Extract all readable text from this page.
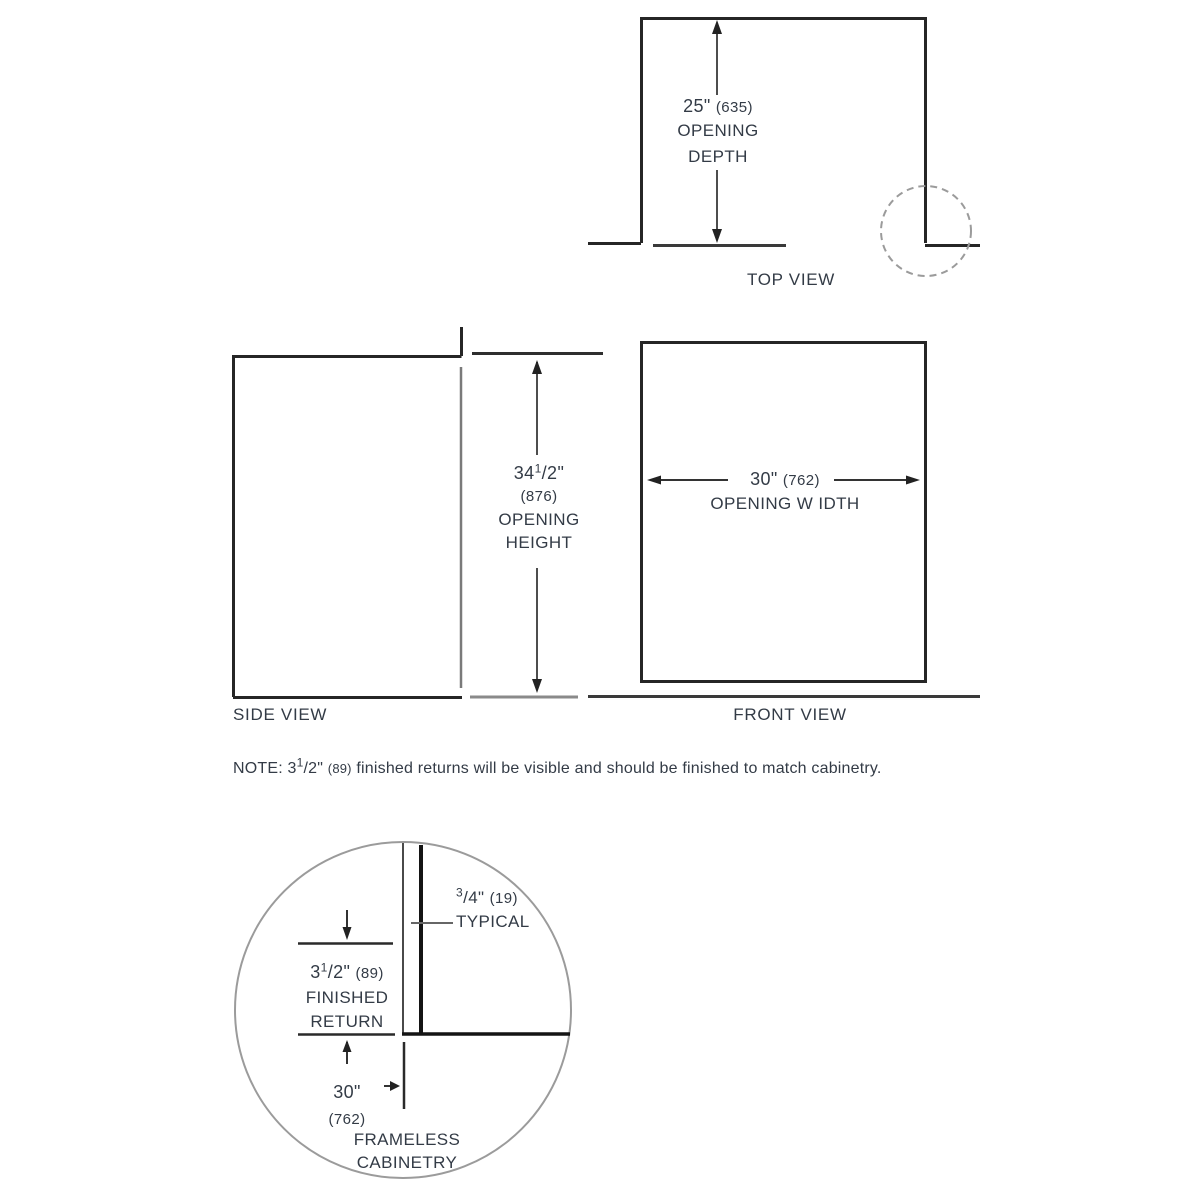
25" (635)
OPENING
DEPTH
TOP VIEW
$34^1/2$"
(876)
OPENING
HEIGHT
SIDE VIEW
30" (762)
OPENING W IDTH
FRONT VIEW
NOTE: $3^1/2$" (89) finished returns will be visible and should be finished to match cabinetry.
$^3$/4" (19)
TYPICAL
$3^1/2$" (89)
FINISHED
RETURN
30"
(762)
FRAMELESS
CABINETRY
